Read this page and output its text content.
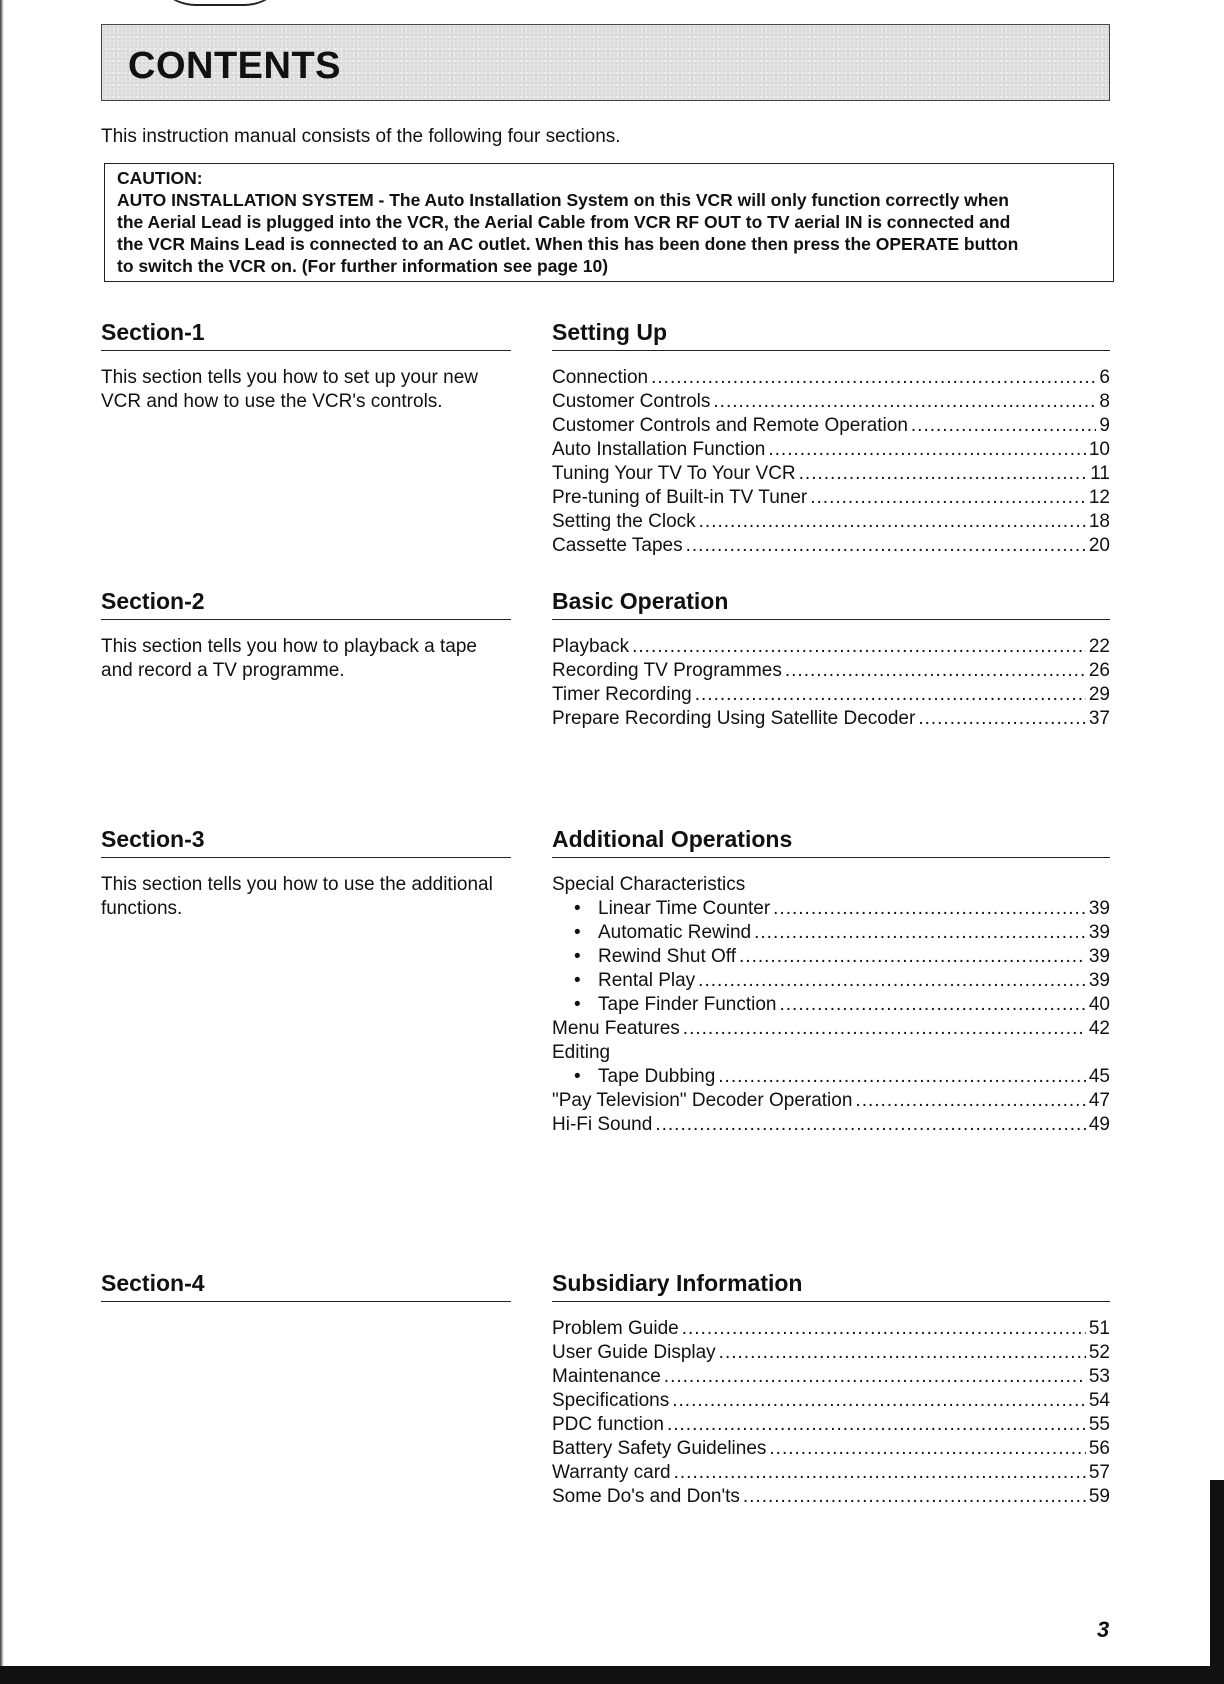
CONTENTS
This instruction manual consists of the following four sections.
CAUTION:
AUTO INSTALLATION SYSTEM - The Auto Installation System on this VCR will only function correctly when
the Aerial Lead is plugged into the VCR, the Aerial Cable from VCR RF OUT to TV aerial IN is connected and
the VCR Mains Lead is connected to an AC outlet. When this has been done then press the OPERATE button
to switch the VCR on. (For further information see page 10)
Section-1
This section tells you how to set up your new VCR and how to use the VCR's controls.
Setting Up
Connection .....	6
Customer Controls .....	8
Customer Controls and Remote Operation .....	9
Auto Installation Function .....	10
Tuning Your TV To Your VCR .....	11
Pre-tuning of Built-in TV Tuner .....	12
Setting the Clock .....	18
Cassette Tapes .....	20
Section-2
This section tells you how to playback a tape and record a TV programme.
Basic Operation
Playback .....	22
Recording TV Programmes .....	26
Timer Recording .....	29
Prepare Recording Using Satellite Decoder .....	37
Section-3
This section tells you how to use the additional functions.
Additional Operations
Special Characteristics
• Linear Time Counter .....	39
• Automatic Rewind .....	39
• Rewind Shut Off .....	39
• Rental Play .....	39
• Tape Finder Function .....	40
Menu Features .....	42
Editing
• Tape Dubbing .....	45
"Pay Television" Decoder Operation .....	47
Hi-Fi Sound .....	49
Section-4	Subsidiary Information
Problem Guide .....	51
User Guide Display .....	52
Maintenance .....	53
Specifications .....	54
PDC function .....	55
Battery Safety Guidelines .....	56
Warranty card .....	57
Some Do's and Don'ts .....	59
3
